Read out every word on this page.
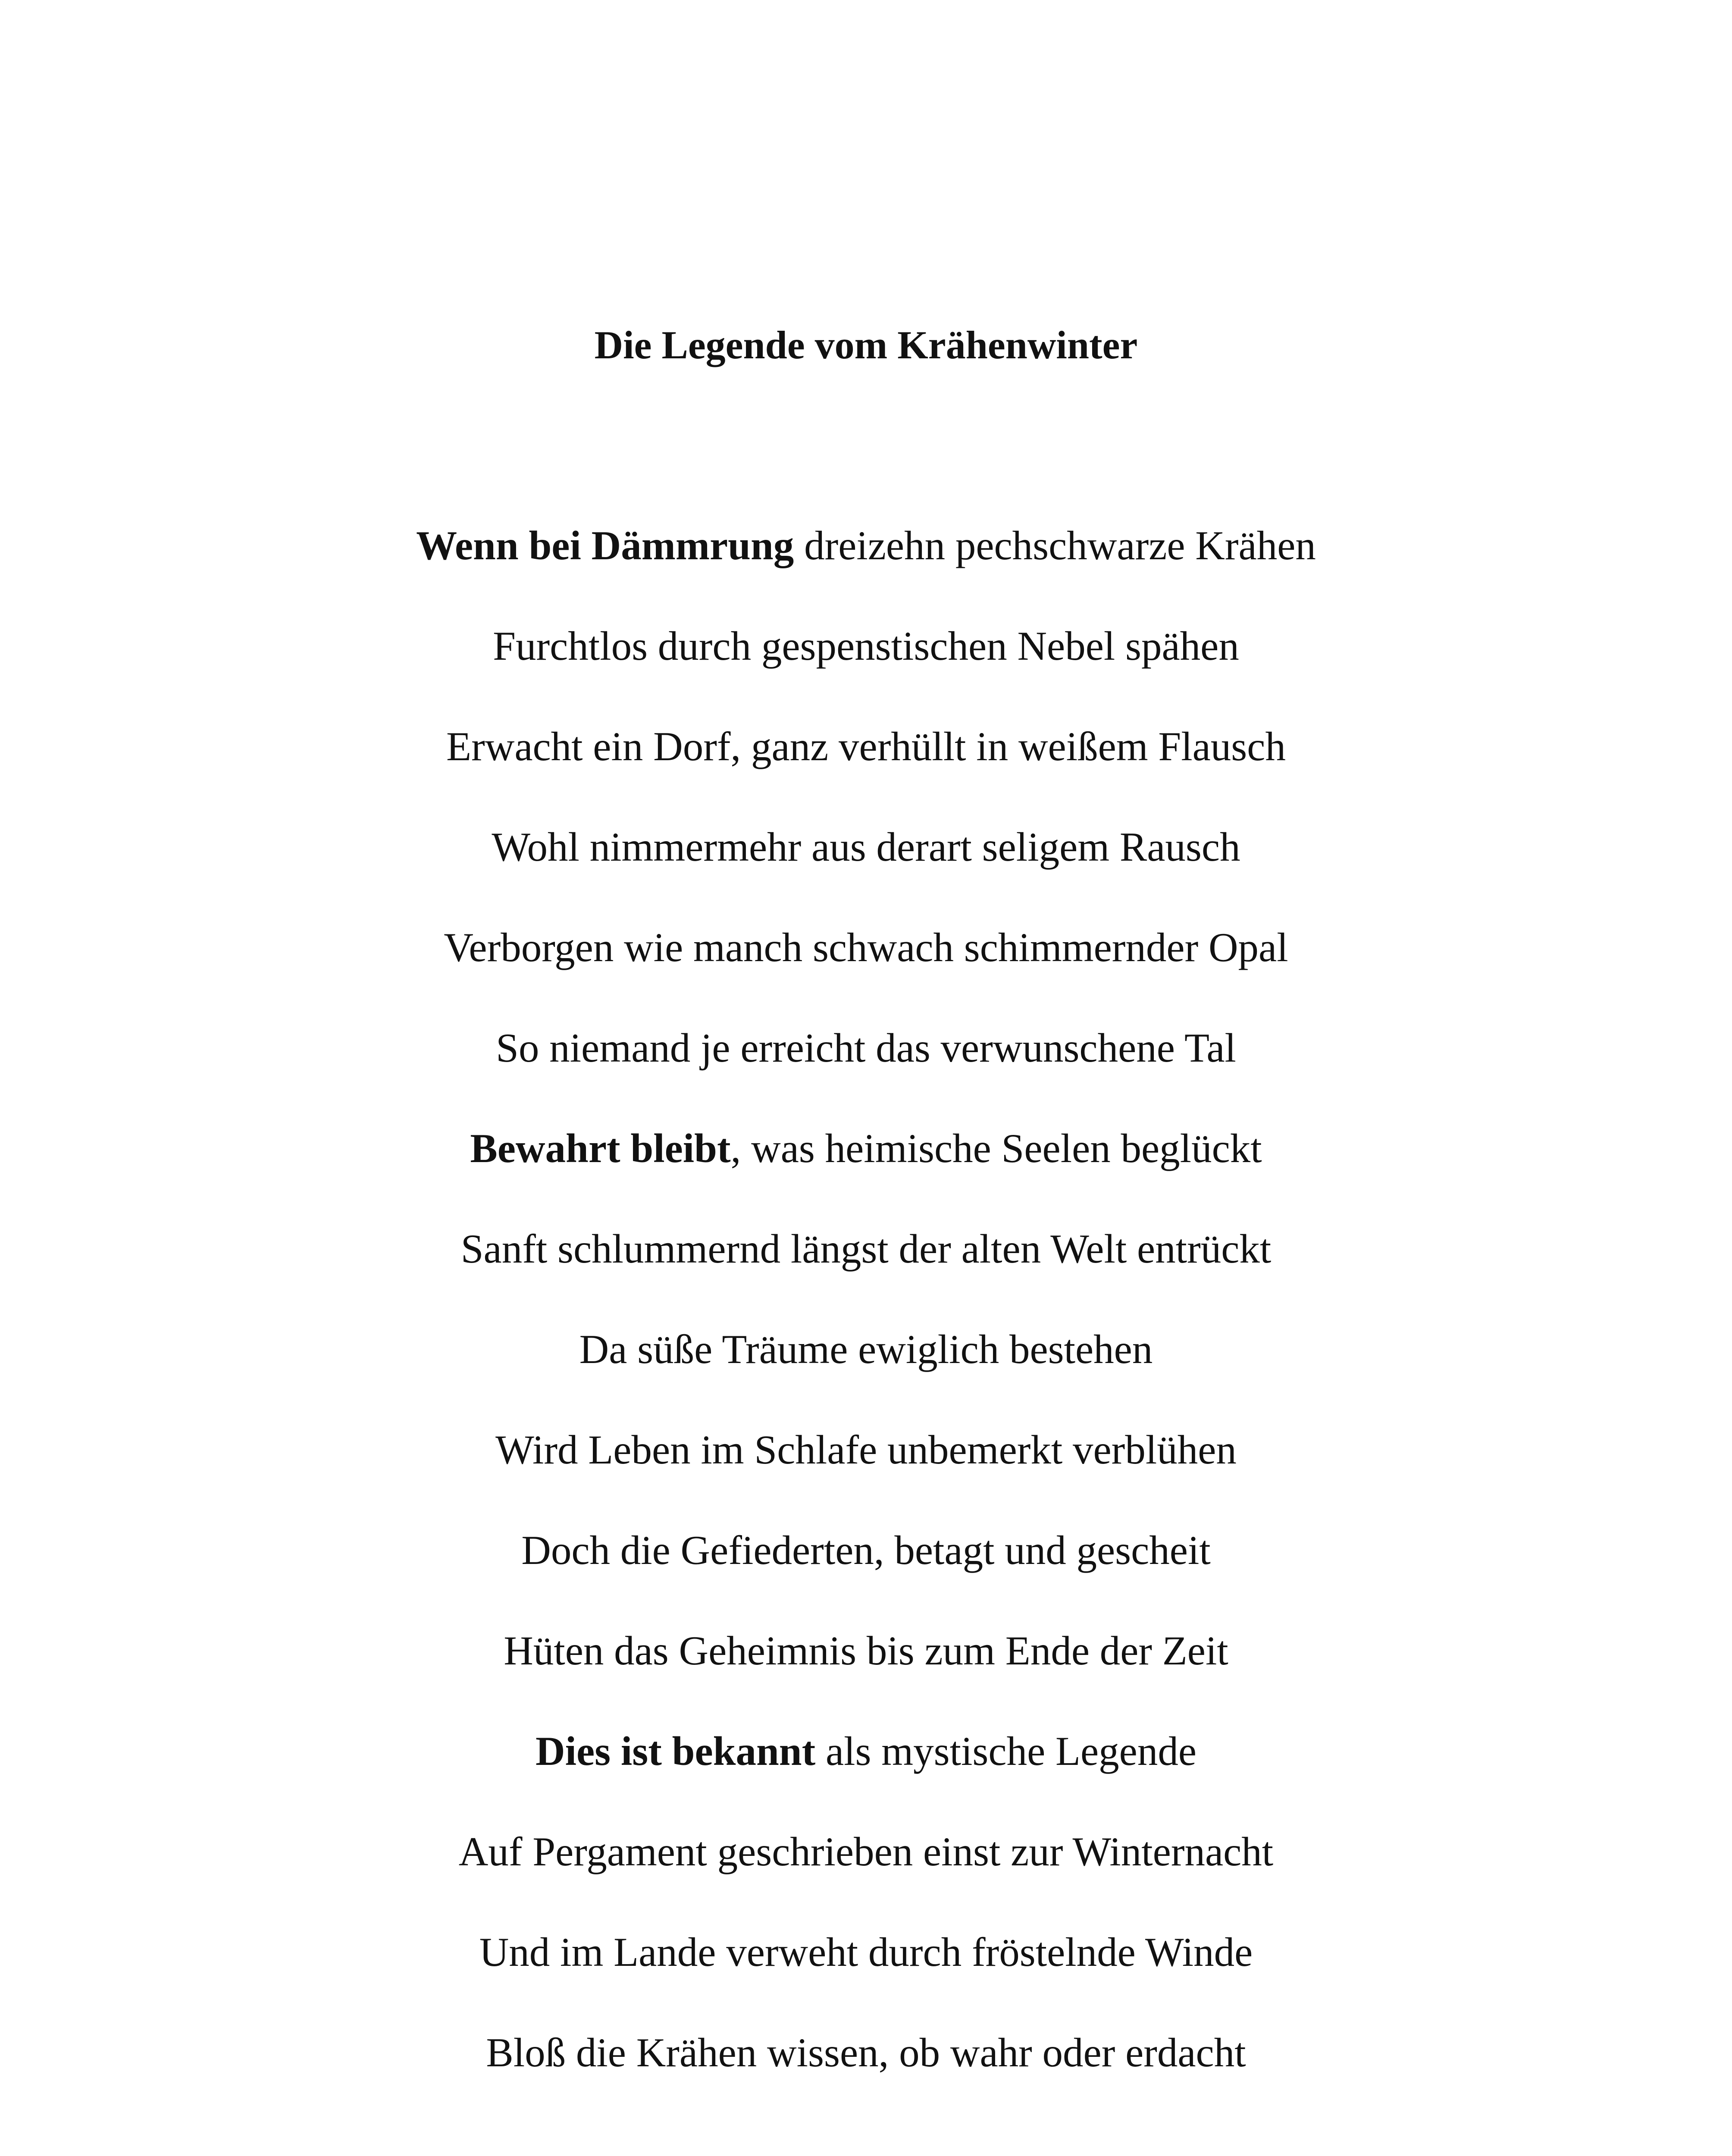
Die Legende vom Krähenwinter
Wenn bei Dämmrung dreizehn pechschwarze Krähen
Furchtlos durch gespenstischen Nebel spähen
Erwacht ein Dorf, ganz verhüllt in weißem Flausch
Wohl nimmermehr aus derart seligem Rausch
Verborgen wie manch schwach schimmernder Opal
So niemand je erreicht das verwunschene Tal
Bewahrt bleibt, was heimische Seelen beglückt
Sanft schlummernd längst der alten Welt entrückt
Da süße Träume ewiglich bestehen
Wird Leben im Schlafe unbemerkt verblühen
Doch die Gefiederten, betagt und gescheit
Hüten das Geheimnis bis zum Ende der Zeit
Dies ist bekannt als mystische Legende
Auf Pergament geschrieben einst zur Winternacht
Und im Lande verweht durch fröstelnde Winde
Bloß die Krähen wissen, ob wahr oder erdacht
